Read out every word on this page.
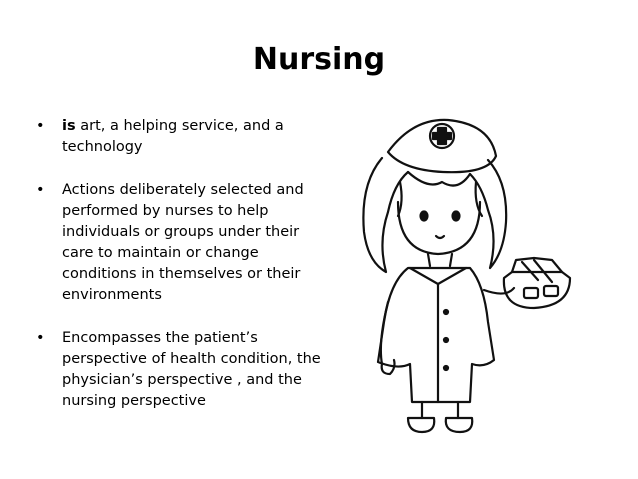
Nursing
• is art, a helping service, and a technology
• Actions deliberately selected and performed by nurses to help individuals or groups under their care to maintain or change conditions in themselves or their environments
• Encompasses the patient’s perspective of health condition, the physician’s perspective , and the nursing perspective
